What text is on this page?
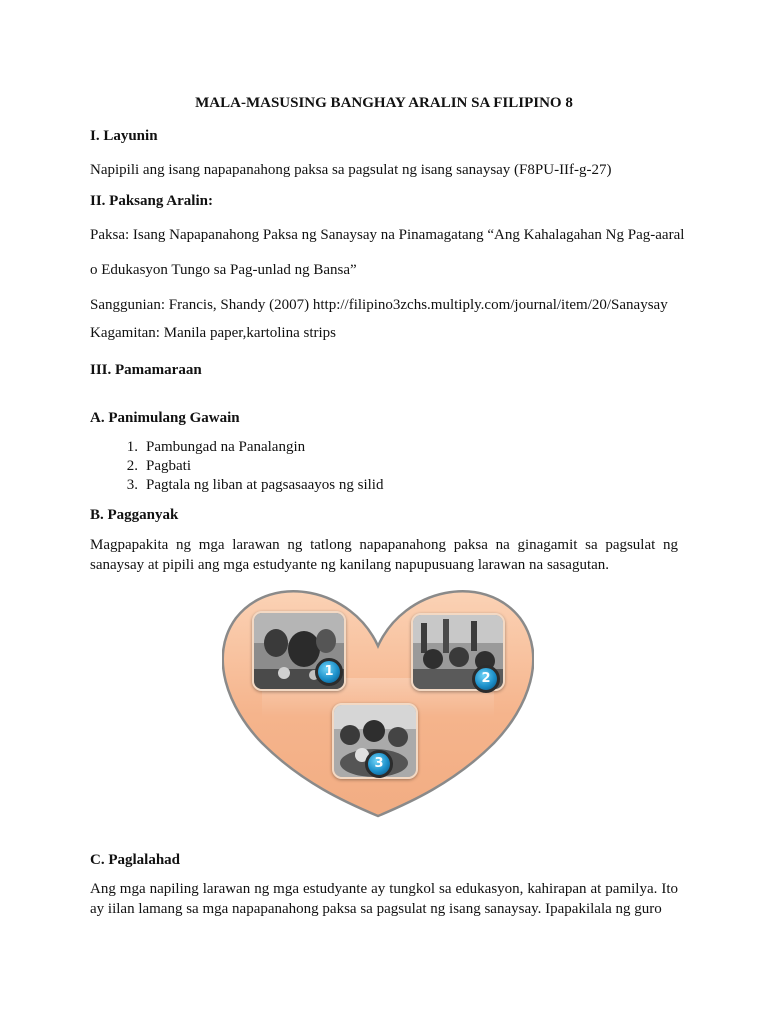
MALA-MASUSING BANGHAY ARALIN SA FILIPINO 8
I. Layunin
Napipili ang isang napapanahong paksa sa pagsulat ng isang sanaysay (F8PU-IIf-g-27)
II. Paksang Aralin:
Paksa: Isang Napapanahong Paksa ng Sanaysay na Pinamagatang “Ang Kahalagahan Ng Pag-aaral
o Edukasyon Tungo sa Pag-unlad ng Bansa”
Sanggunian: Francis, Shandy (2007) http://filipino3zchs.multiply.com/journal/item/20/Sanaysay
Kagamitan: Manila paper,kartolina strips
III. Pamamaraan
A. Panimulang Gawain
1. Pambungad na Panalangin
2. Pagbati
3. Pagtala ng liban at pagsasaayos ng silid
B. Pagganyak
Magpapakita ng mga larawan ng tatlong napapanahong paksa na ginagamit sa pagsulat ng sanaysay at pipili ang mga estudyante ng kanilang napupusuang larawan na sasagutan.
1	2
3
C. Paglalahad
Ang mga napiling larawan ng mga estudyante ay tungkol sa edukasyon, kahirapan at pamilya. Ito ay iilan lamang sa mga napapanahong paksa sa pagsulat ng isang sanaysay. Ipapakilala ng guro
